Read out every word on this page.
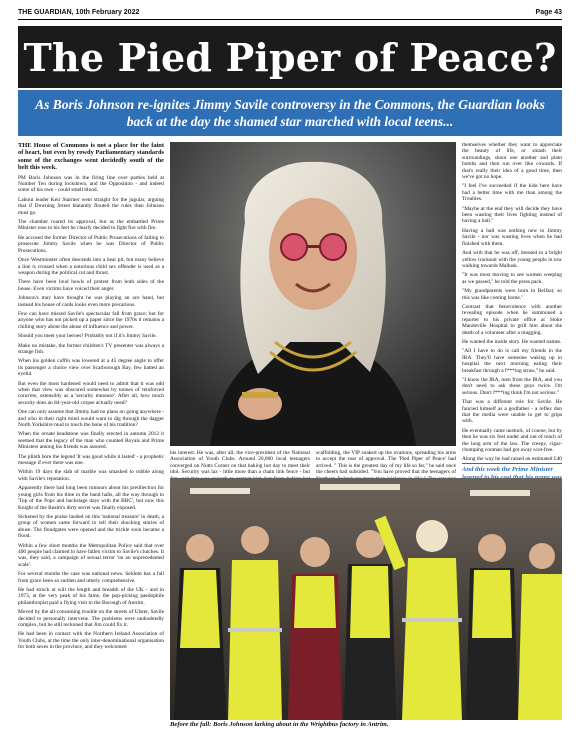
THE GUARDIAN, 10th February 2022	Page 43
The Pied Piper of Peace?

As Boris Johnson re-ignites Jimmy Savile controversy in the Commons, the Guardian looks back at the day the shamed star marched with local teens...

THE House of Commons is not a place for the faint of heart, but even by rowdy Parliamentary standards some of the exchanges went decidedly south of the belt this week.

PM Boris Johnson was in the firing line over parties held at Number Ten during lockdown, and the Opposition - and indeed some of his own - could smell blood.

Labour leader Keir Starmer went straight for the jugular, arguing that if Downing Street blatantly flouted the rules then Johnson must go.

The chamber roared its approval, but as the embattled Prime Minister rose to his feet he clearly decided to fight fire with fire.

He accused the former Director of Public Prosecutions of failing to prosecute Jimmy Savile when he was Director of Public Prosecutions.

Once Westminster often descends into a bear pit, but many believe a line is crossed when a notorious child sex offender is used as a weapon during the political cut and thrust.

There have been loud howls of protest from both sides of the house. Even victims have voiced their anger.

Johnson's may have thought he was playing an ace hand, but instead his house of cards looks even more precarious.

Few can have missed Savile's spectacular fall from grace; but for anyone who has not picked up a paper since the 1970s it remains a chilling story about the abuse of influence and power.

Should you meet your heroes? Probably not if it's Jimmy Savile.

Make no mistake, the former children's TV presenter was always a strange fish.

When his golden coffin was lowered at a 45 degree angle to offer its passenger a choice view over Scarborough Bay, few batted an eyelid.

But even the most hardened would need to admit that it was odd when that view was obscured somewhat by tonnes of reinforced concrete, ostensibly as a 'security measure'. After all, how much security does an 84-year-old corpse actually need?

One can only assume that Jimmy had no plans on going anywhere - and who in their right mind would want to dig through the dagger North Yorkshire mud to touch the bone of his tradition?

When the ornate headstone was finally erected in autumn 2012 it seemed that the legacy of the man who counted Royals and Prime Ministers among his friends was assured.

The plinth bore the legend 'It was good while it lasted' - a prophetic message if ever there was one.

Within 19 days the slab of marble was smashed to rubble along with Savile's reputation.

Apparently there had long been rumours about his predilection for young girls from his time in the band halls, all the way through to 'Top of the Pops and backstage days with the BBC', but now this Knight of the Realm's dirty secret was finally exposed.

Sickened by the praise lauded on this 'national treasure' in death, a group of women came forward to tell their shocking stories of abuse. The floodgates were opened and the trickle soon became a flood.

Within a few short months the Metropolitan Police said that over 400 people had claimed to have fallen victim to Savile's clutches. It was, they said, a campaign of sexual terror 'on an unprecedented scale'.

For several months the case was national news. Seldom has a fall from grace been so sudden and utterly comprehensive.

He had struck at will the length and breadth of the UK - and in 1973, at the very peak of his fame, the pop-picking paedophile philanthropist paid a flying visit to the Borough of Antrim.

Moved by the all-consuming trouble on the streets of Ulster, Savile decided to personally intervene. The problems were undoubtedly complex, but he still reckoned that Jim could fix it.

He had been in contact with the Northern Ireland Association of Youth Clubs, at the time the only inter-denominational organisation for both sexes in the province, and they welcomed

his interest. He was, after all, the vice-president of the National Association of Youth Clubs. Around 20,000 local teenagers converged on Nutts Corner on that baking hot day to meet their idol. Security was lax - little more than a chain link fence - but

scaffolding, the VIP soaked up the ovations, spreading his arms to accept the roar of approval. The 'Pied Piper of Peace' had arrived. " This is the greatest day of my life so far," he said once the cheers had subsided. "You have proved that the teenagers of

themselves whether they want to appreciate the beauty of life, or smash their surroundings, shoot one another and plant bombs and then run over like cowards. If that's really their idea of a good time, then we've got no hope.

"I feel I've succeeded if the kids here have had a better time with me than among the Troubles.

"Maybe at the end they will decide they have been wasting their lives fighting instead of having a ball."

Having a ball was nothing new to Jimmy Savile - nor was wasting lives when he had finished with them.

And with that he was off, dressed in a bright yellow tracksuit with the young people in tow walking towards Mallusk.

"It was most moving to see women weeping as we passed," he told the press pack.

"My grandparents were born in Belfast, so this was like coming home."

Contrast that benevolence with another revealing episode when he summoned a reporter to his private office at Stoke Mandeville Hospital to grill him about the death of a volunteer after a mugging.

He wanted the inside story. He wanted names.

"All I have to do is call my friends in the IRA. They'll have someone waking up in hospital the next morning eating their breakfast through a f***ing straw," he said.

"I know the IRA, men from the IRA, and you don't need to ask these guys twice. I'm serious. Don't f***ing think I'm not serious."

That was a different role for Savile. He fancied himself as a godfather - a reflex don that the media were unable to get to grips with.

He eventually came unstuck, of course, but by then he was six feet under and out of reach of the long arm of the law. The creepy, cigar-chomping conman had got away scot-free.

Along the way he had raised an estimated £40

And this week the Prime Minister
Before the fall: Boris Johnson larking about in the Wrightbus factory in Antrim.
